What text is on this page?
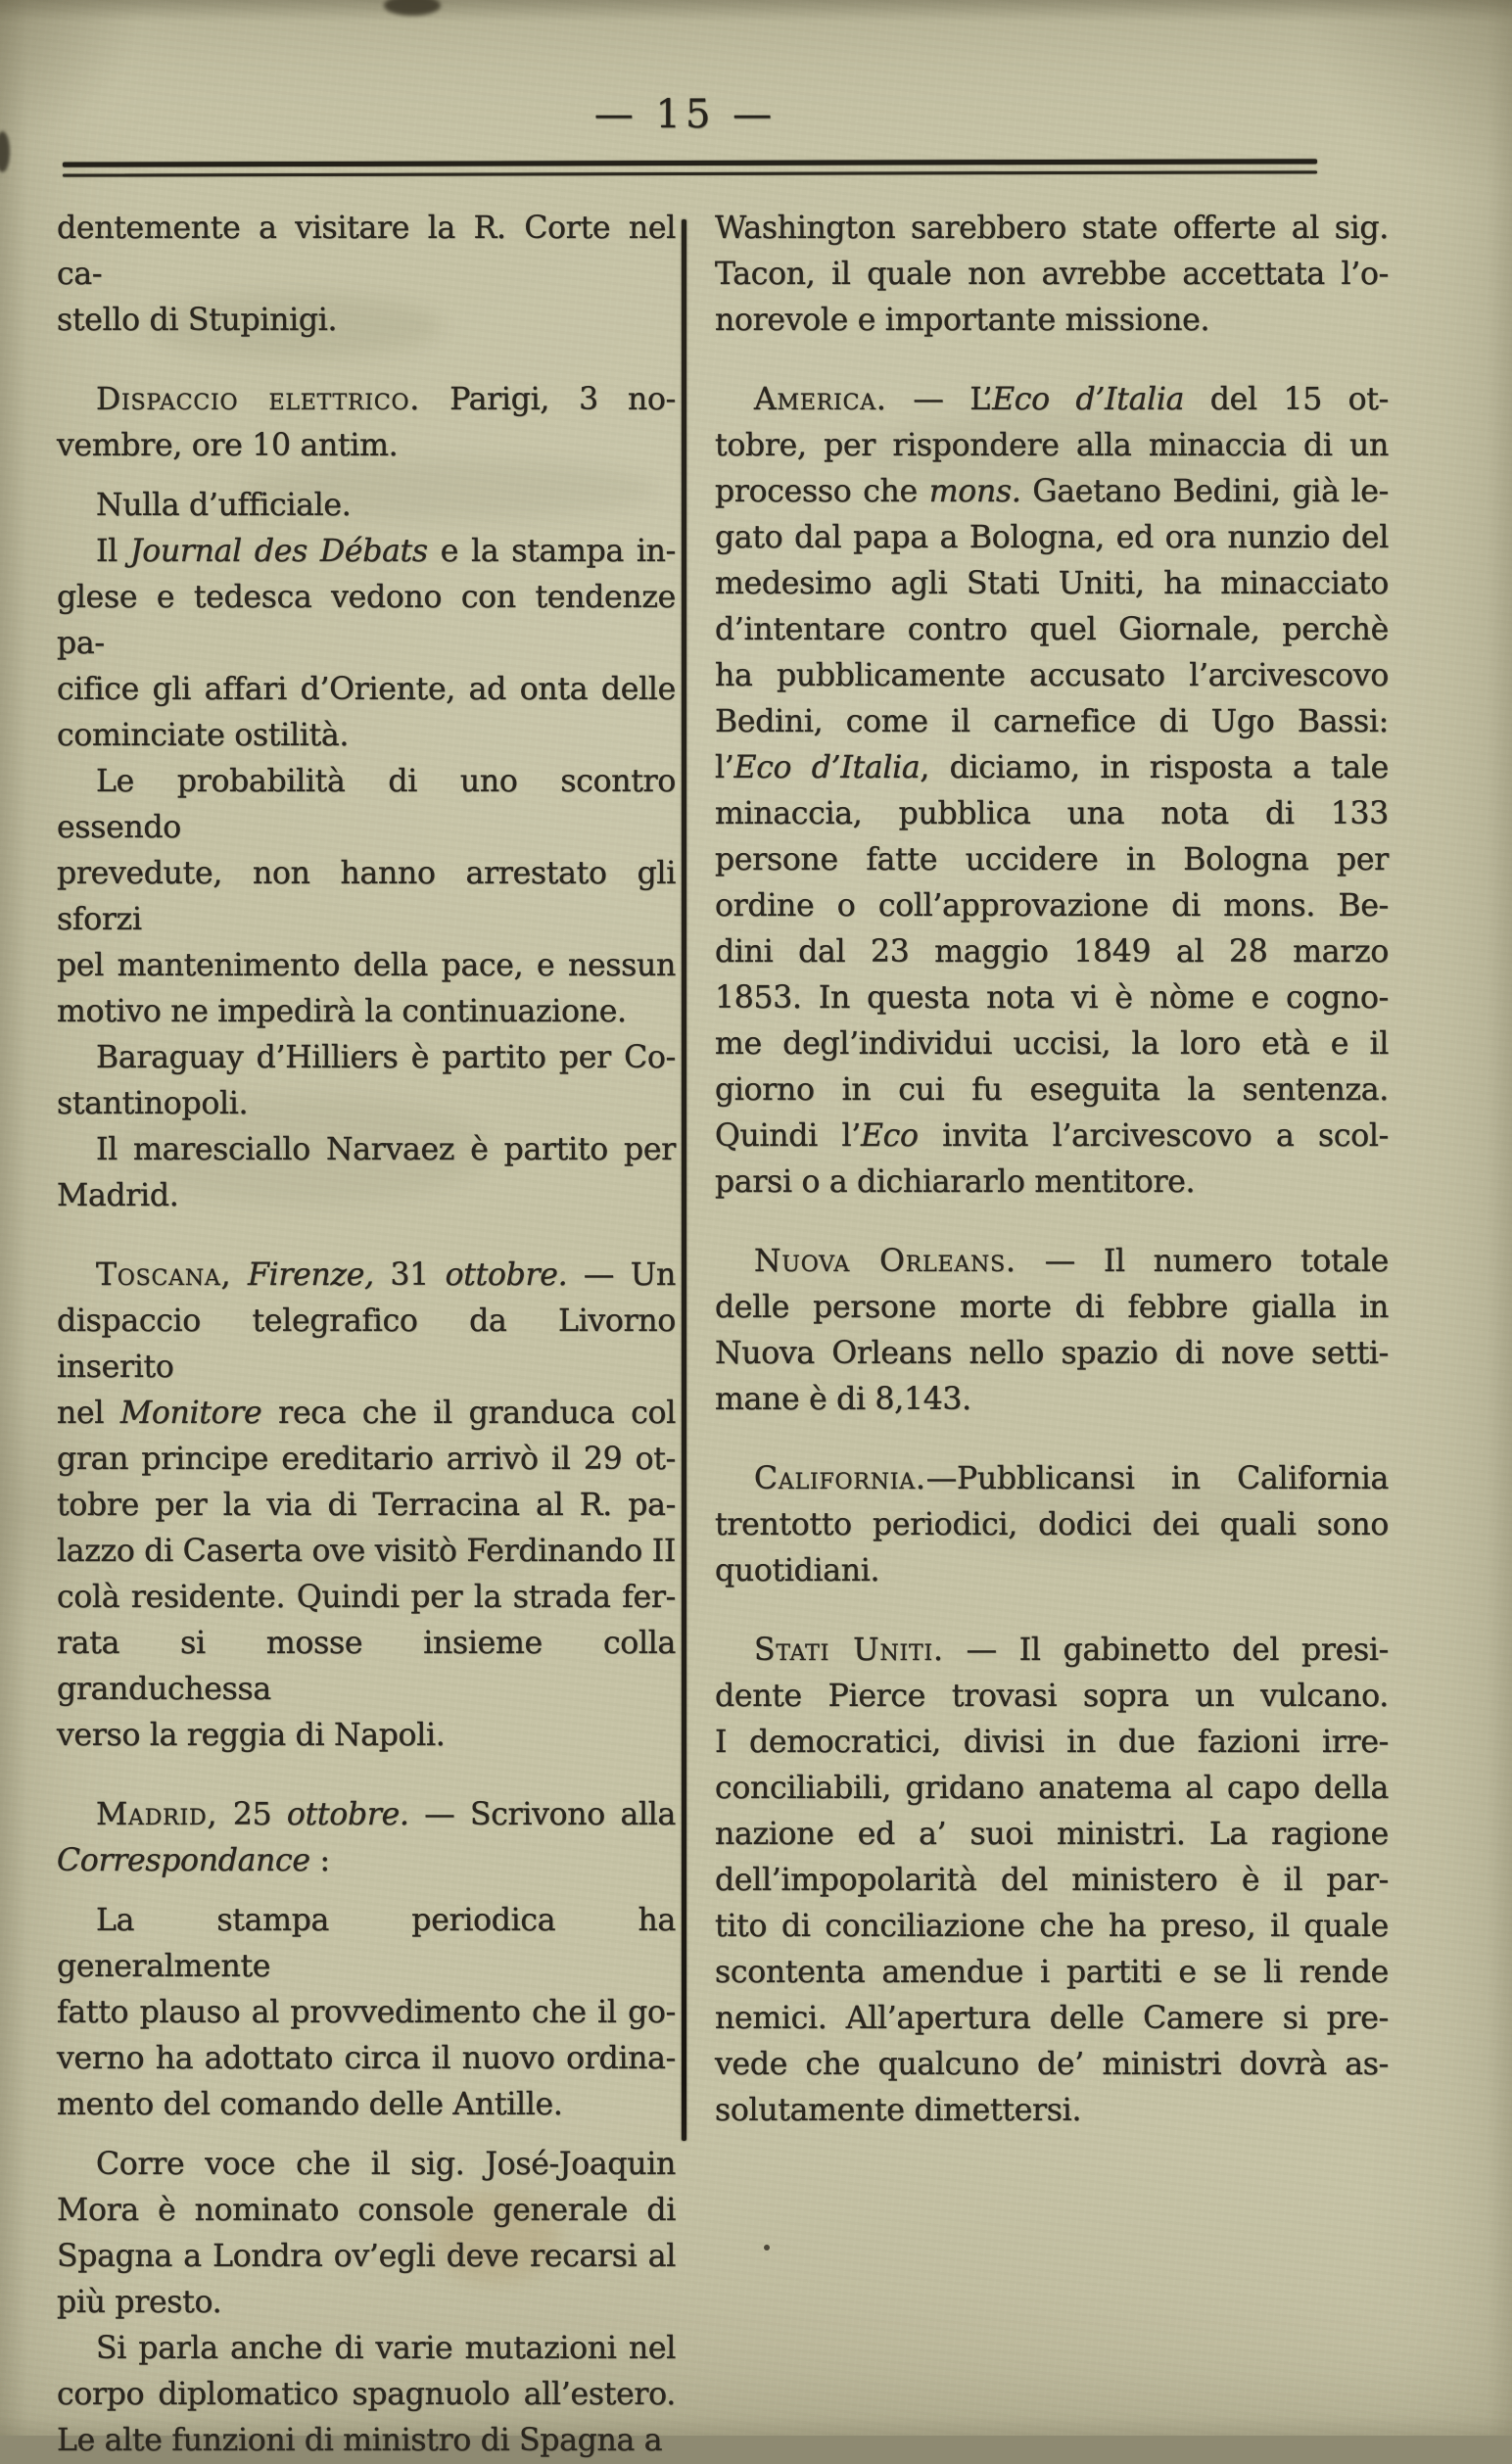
— 15 —
dentemente a visitare la R. Corte nel ca-
stello di Stupinigi.
Dispaccio elettrico. Parigi, 3 no-
vembre, ore 10 antim.
Nulla d’ufficiale.
Il Journal des Débats e la stampa in-
glese e tedesca vedono con tendenze pa-
cifice gli affari d’Oriente, ad onta delle
cominciate ostilità.
Le probabilità di uno scontro essendo
prevedute, non hanno arrestato gli sforzi
pel mantenimento della pace, e nessun
motivo ne impedirà la continuazione.
Baraguay d’Hilliers è partito per Co-
stantinopoli.
Il maresciallo Narvaez è partito per
Madrid.
Toscana, Firenze, 31 ottobre. — Un
dispaccio telegrafico da Livorno inserito
nel Monitore reca che il granduca col
gran principe ereditario arrivò il 29 ot-
tobre per la via di Terracina al R. pa-
lazzo di Caserta ove visitò Ferdinando II
colà residente. Quindi per la strada fer-
rata si mosse insieme colla granduchessa
verso la reggia di Napoli.
Madrid, 25 ottobre. — Scrivono alla
Correspondance :
La stampa periodica ha generalmente
fatto plauso al provvedimento che il go-
verno ha adottato circa il nuovo ordina-
mento del comando delle Antille.
Corre voce che il sig. José-Joaquin
Mora è nominato console generale di
Spagna a Londra ov’egli deve recarsi al
più presto.
Si parla anche di varie mutazioni nel
corpo diplomatico spagnuolo all’estero.
Le alte funzioni di ministro di Spagna a
Washington sarebbero state offerte al sig.
Tacon, il quale non avrebbe accettata l’o-
norevole e importante missione.
America. — L’Eco d’Italia del 15 ot-
tobre, per rispondere alla minaccia di un
processo che mons. Gaetano Bedini, già le-
gato dal papa a Bologna, ed ora nunzio del
medesimo agli Stati Uniti, ha minacciato
d’intentare contro quel Giornale, perchè
ha pubblicamente accusato l’arcivescovo
Bedini, come il carnefice di Ugo Bassi:
l’Eco d’Italia, diciamo, in risposta a tale
minaccia, pubblica una nota di 133
persone fatte uccidere in Bologna per
ordine o coll’approvazione di mons. Be-
dini dal 23 maggio 1849 al 28 marzo
1853. In questa nota vi è nòme e cogno-
me degl’individui uccisi, la loro età e il
giorno in cui fu eseguita la sentenza.
Quindi l’Eco invita l’arcivescovo a scol-
parsi o a dichiararlo mentitore.
Nuova Orleans. — Il numero totale
delle persone morte di febbre gialla in
Nuova Orleans nello spazio di nove setti-
mane è di 8,143.
California.—Pubblicansi in California
trentotto periodici, dodici dei quali sono
quotidiani.
Stati Uniti. — Il gabinetto del presi-
dente Pierce trovasi sopra un vulcano.
I democratici, divisi in due fazioni irre-
conciliabili, gridano anatema al capo della
nazione ed a’ suoi ministri. La ragione
dell’impopolarità del ministero è il par-
tito di conciliazione che ha preso, il quale
scontenta amendue i partiti e se li rende
nemici. All’apertura delle Camere si pre-
vede che qualcuno de’ ministri dovrà as-
solutamente dimettersi.
